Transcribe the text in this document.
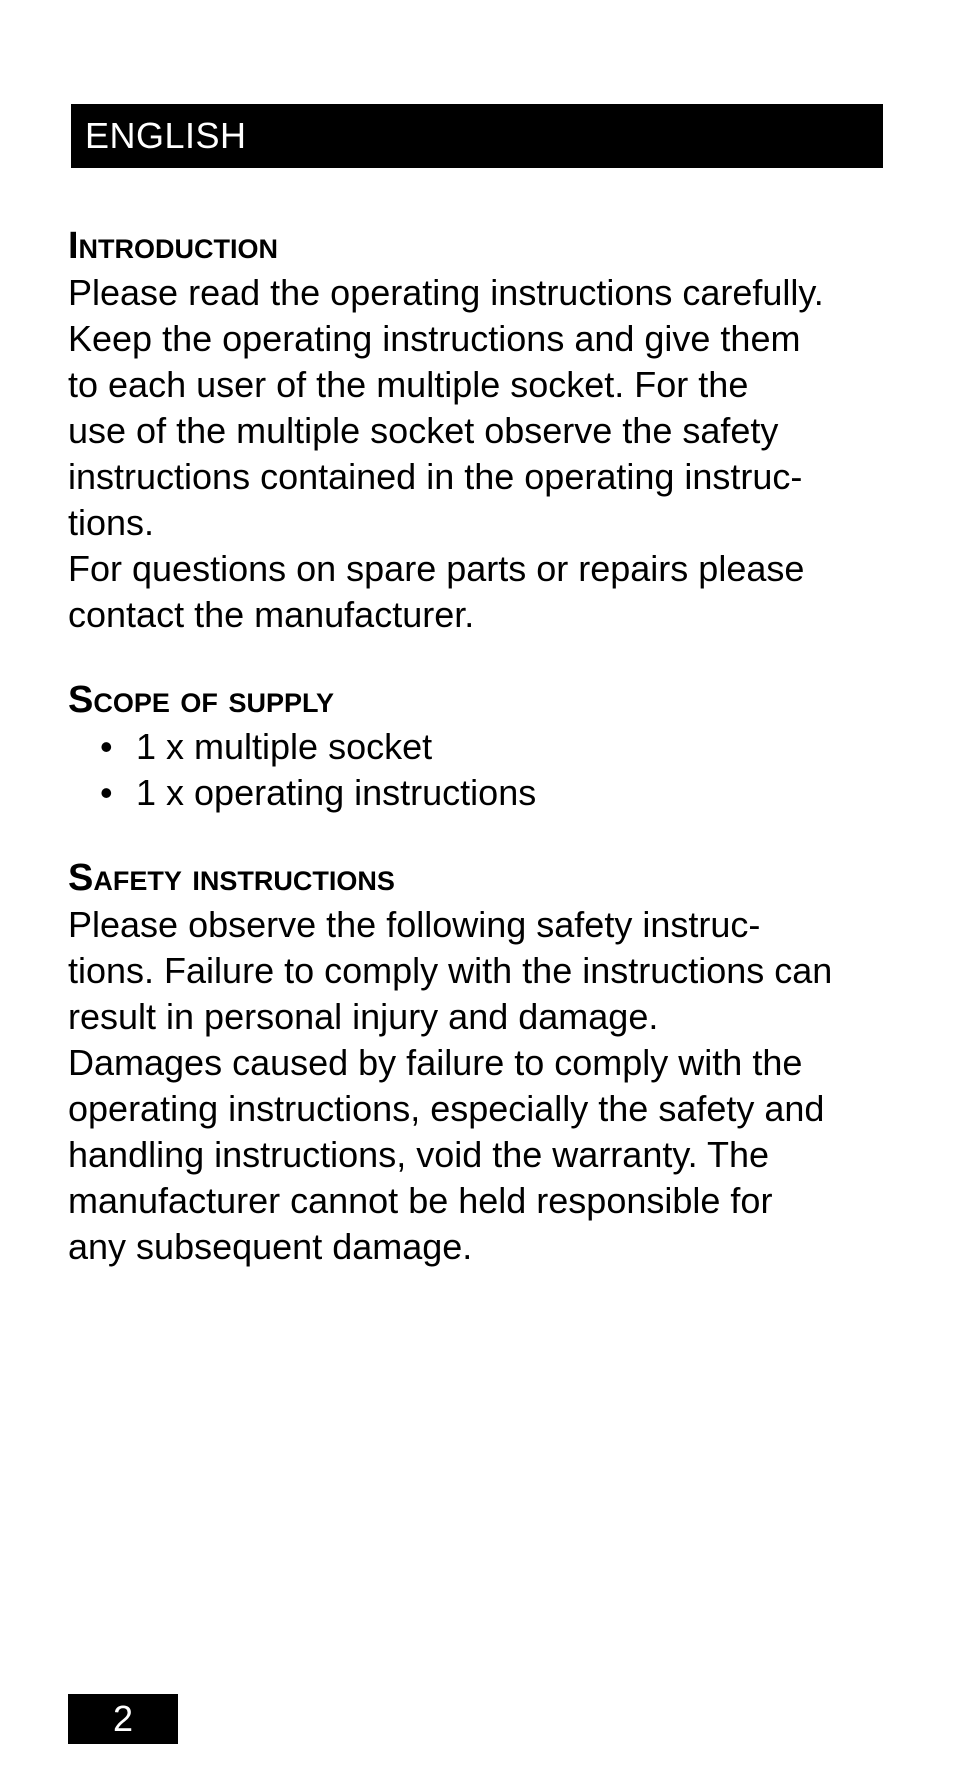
ENGLISH
Introduction

Please read the operating instructions carefully.
Keep the operating instructions and give them
to each user of the multiple socket. For the
use of the multiple socket observe the safety
instructions contained in the operating instruc-
tions.

For questions on spare parts or repairs please
contact the manufacturer.

Scope of supply
• 1 x multiple socket
• 1 x operating instructions
Safety instructions

Please observe the following safety instruc-
tions. Failure to comply with the instructions can
result in personal injury and damage.

Damages caused by failure to comply with the
operating instructions, especially the safety and
handling instructions, void the warranty. The
manufacturer cannot be held responsible for
any subsequent damage.

2
